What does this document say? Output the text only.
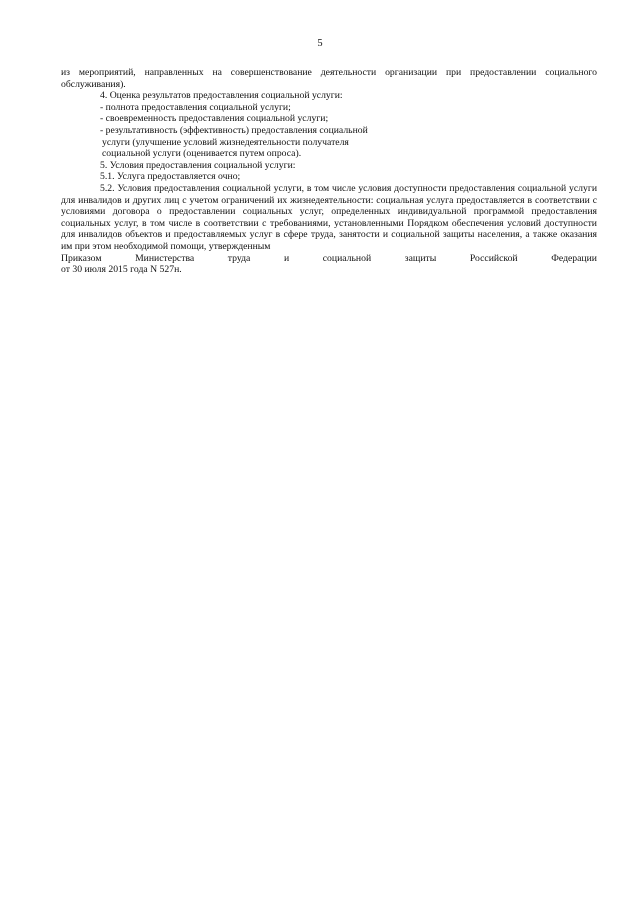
5

из мероприятий, направленных на совершенствование деятельности организации при предоставлении социального обслуживания).

4. Оценка результатов предоставления социальной услуги:

- полнота предоставления социальной услуги;

- своевременность предоставления социальной услуги;

- результативность (эффективность) предоставления социальной

услуги (улучшение условий жизнедеятельности получателя

социальной услуги (оценивается путем опроса).

5. Условия предоставления социальной услуги:

5.1. Услуга предоставляется очно;

5.2. Условия предоставления социальной услуги, в том числе условия доступности предоставления социальной услуги для инвалидов и других лиц с учетом ограничений их жизнедеятельности: социальная услуга предоставляется в соответствии с условиями договора о предоставлении социальных услуг, определенных индивидуальной программой предоставления социальных услуг, в том числе в соответствии с требованиями, установленными Порядком обеспечения условий доступности для инвалидов объектов и предоставляемых услуг в сфере труда, занятости и социальной защиты населения, а также оказания им при этом необходимой помощи, утвержденным

Приказом Министерства труда и социальной защиты Российской Федерации

от 30 июля 2015 года N 527н.
